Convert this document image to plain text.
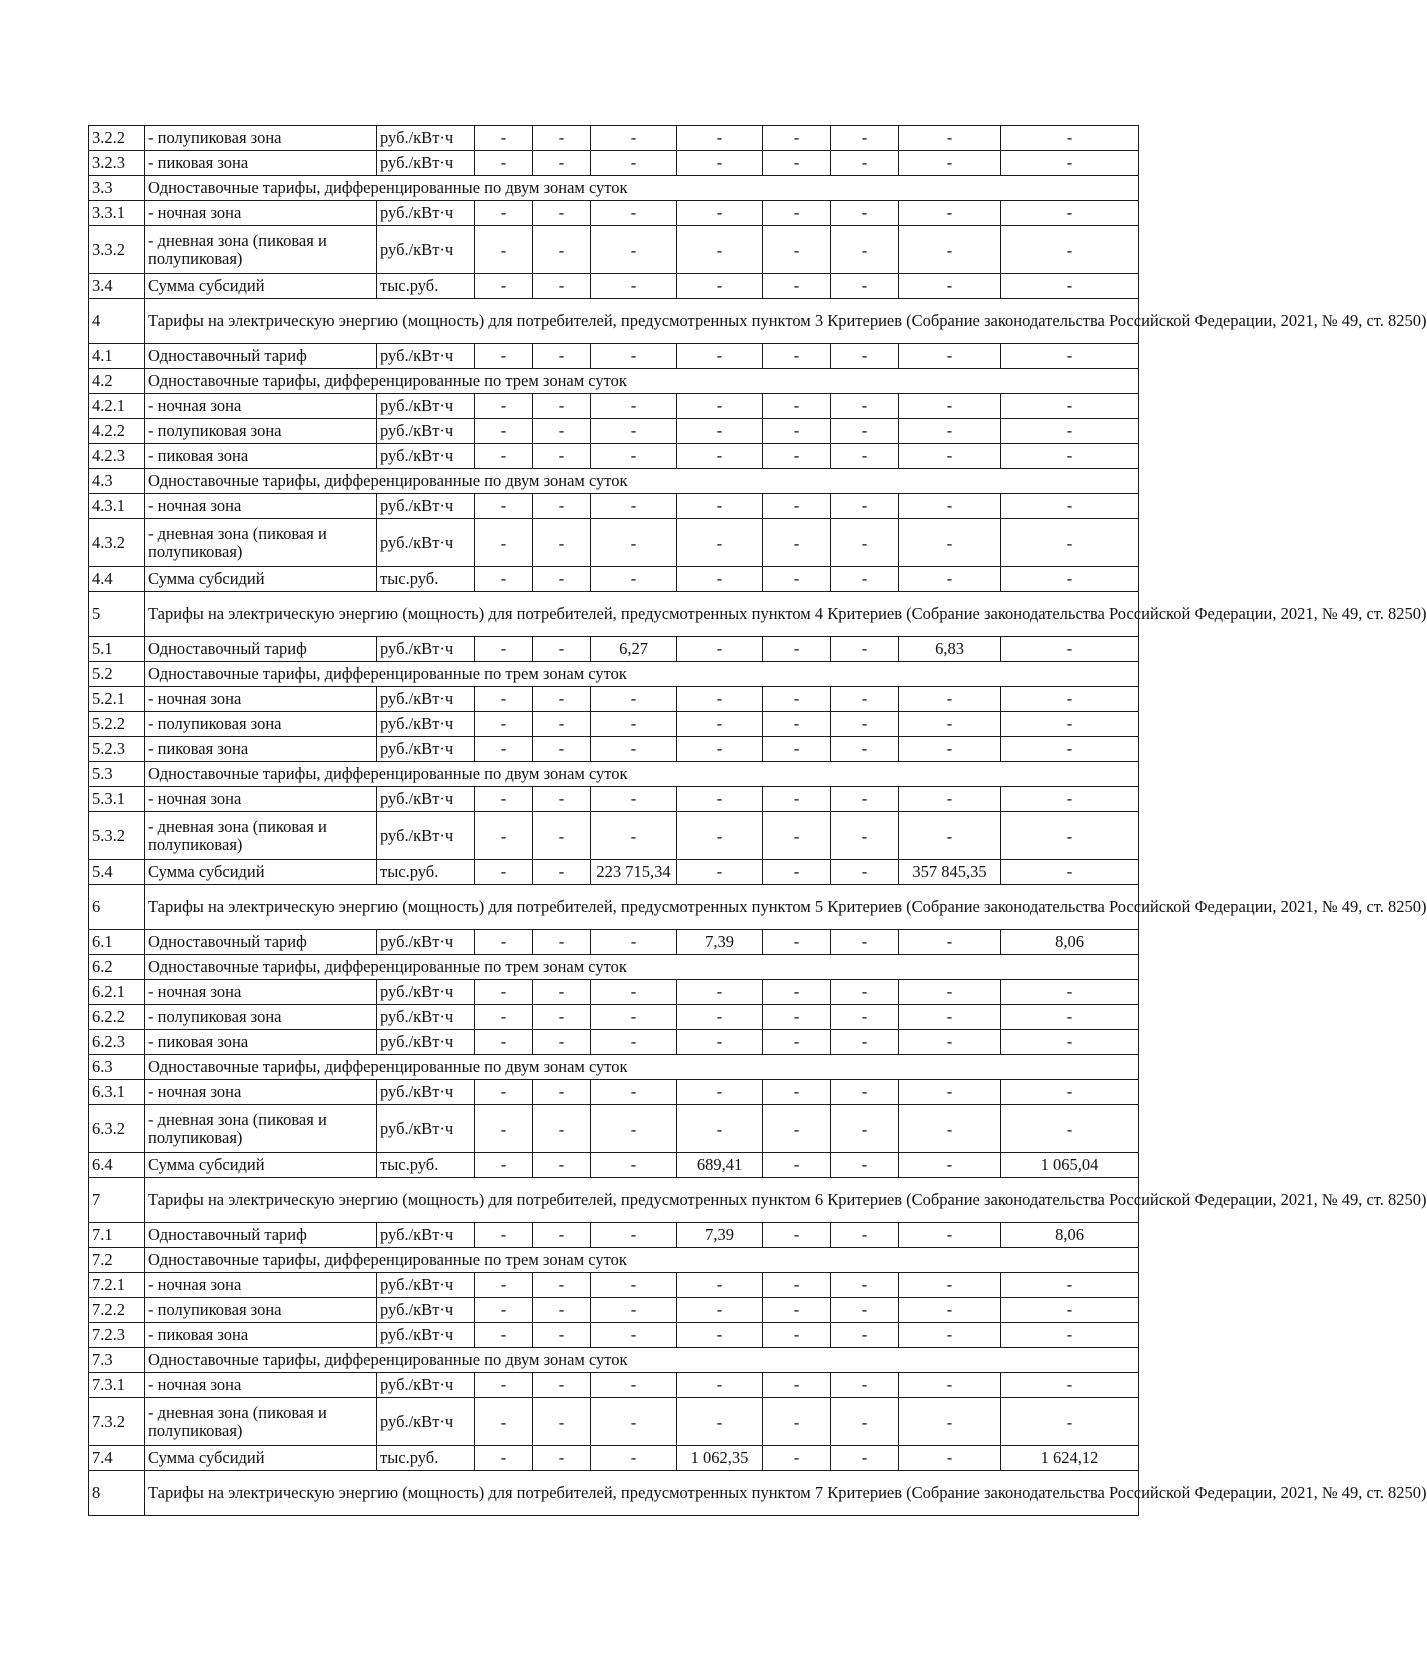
3.2.2	- полупиковая зона	руб./кВт·ч	-	-	-	-	-	-	-	-
3.2.3	- пиковая зона	руб./кВт·ч	-	-	-	-	-	-	-	-
3.3	Одноставочные тарифы, дифференцированные по двум зонам суток									
3.3.1	- ночная зона	руб./кВт·ч	-	-	-	-	-	-	-	-
3.3.2	- дневная зона (пиковая и полупиковая)	руб./кВт·ч	-	-	-	-	-	-	-	-
3.4	Сумма субсидий	тыс.руб.	-	-	-	-	-	-	-	-
4	Тарифы на электрическую энергию (мощность) для потребителей, предусмотренных пунктом 3 Критериев (Собрание законодательства Российской Федерации, 2021, № 49, ст. 8250)									
4.1	Одноставочный тариф	руб./кВт·ч	-	-	-	-	-	-	-	-
4.2	Одноставочные тарифы, дифференцированные по трем зонам суток									
4.2.1	- ночная зона	руб./кВт·ч	-	-	-	-	-	-	-	-
4.2.2	- полупиковая зона	руб./кВт·ч	-	-	-	-	-	-	-	-
4.2.3	- пиковая зона	руб./кВт·ч	-	-	-	-	-	-	-	-
4.3	Одноставочные тарифы, дифференцированные по двум зонам суток									
4.3.1	- ночная зона	руб./кВт·ч	-	-	-	-	-	-	-	-
4.3.2	- дневная зона (пиковая и полупиковая)	руб./кВт·ч	-	-	-	-	-	-	-	-
4.4	Сумма субсидий	тыс.руб.	-	-	-	-	-	-	-	-
5	Тарифы на электрическую энергию (мощность) для потребителей, предусмотренных пунктом 4 Критериев (Собрание законодательства Российской Федерации, 2021, № 49, ст. 8250)									
5.1	Одноставочный тариф	руб./кВт·ч	-	-	6,27	-	-	-	6,83	-
5.2	Одноставочные тарифы, дифференцированные по трем зонам суток									
5.2.1	- ночная зона	руб./кВт·ч	-	-	-	-	-	-	-	-
5.2.2	- полупиковая зона	руб./кВт·ч	-	-	-	-	-	-	-	-
5.2.3	- пиковая зона	руб./кВт·ч	-	-	-	-	-	-	-	-
5.3	Одноставочные тарифы, дифференцированные по двум зонам суток									
5.3.1	- ночная зона	руб./кВт·ч	-	-	-	-	-	-	-	-
5.3.2	- дневная зона (пиковая и полупиковая)	руб./кВт·ч	-	-	-	-	-	-	-	-
5.4	Сумма субсидий	тыс.руб.	-	-	223 715,34	-	-	-	357 845,35	-
6	Тарифы на электрическую энергию (мощность) для потребителей, предусмотренных пунктом 5 Критериев (Собрание законодательства Российской Федерации, 2021, № 49, ст. 8250)									
6.1	Одноставочный тариф	руб./кВт·ч	-	-	-	7,39	-	-	-	8,06
6.2	Одноставочные тарифы, дифференцированные по трем зонам суток									
6.2.1	- ночная зона	руб./кВт·ч	-	-	-	-	-	-	-	-
6.2.2	- полупиковая зона	руб./кВт·ч	-	-	-	-	-	-	-	-
6.2.3	- пиковая зона	руб./кВт·ч	-	-	-	-	-	-	-	-
6.3	Одноставочные тарифы, дифференцированные по двум зонам суток									
6.3.1	- ночная зона	руб./кВт·ч	-	-	-	-	-	-	-	-
6.3.2	- дневная зона (пиковая и полупиковая)	руб./кВт·ч	-	-	-	-	-	-	-	-
6.4	Сумма субсидий	тыс.руб.	-	-	-	689,41	-	-	-	1 065,04
7	Тарифы на электрическую энергию (мощность) для потребителей, предусмотренных пунктом 6 Критериев (Собрание законодательства Российской Федерации, 2021, № 49, ст. 8250)									
7.1	Одноставочный тариф	руб./кВт·ч	-	-	-	7,39	-	-	-	8,06
7.2	Одноставочные тарифы, дифференцированные по трем зонам суток									
7.2.1	- ночная зона	руб./кВт·ч	-	-	-	-	-	-	-	-
7.2.2	- полупиковая зона	руб./кВт·ч	-	-	-	-	-	-	-	-
7.2.3	- пиковая зона	руб./кВт·ч	-	-	-	-	-	-	-	-
7.3	Одноставочные тарифы, дифференцированные по двум зонам суток									
7.3.1	- ночная зона	руб./кВт·ч	-	-	-	-	-	-	-	-
7.3.2	- дневная зона (пиковая и полупиковая)	руб./кВт·ч	-	-	-	-	-	-	-	-
7.4	Сумма субсидий	тыс.руб.	-	-	-	1 062,35	-	-	-	1 624,12
8	Тарифы на электрическую энергию (мощность) для потребителей, предусмотренных пунктом 7 Критериев (Собрание законодательства Российской Федерации, 2021, № 49, ст. 8250)									
